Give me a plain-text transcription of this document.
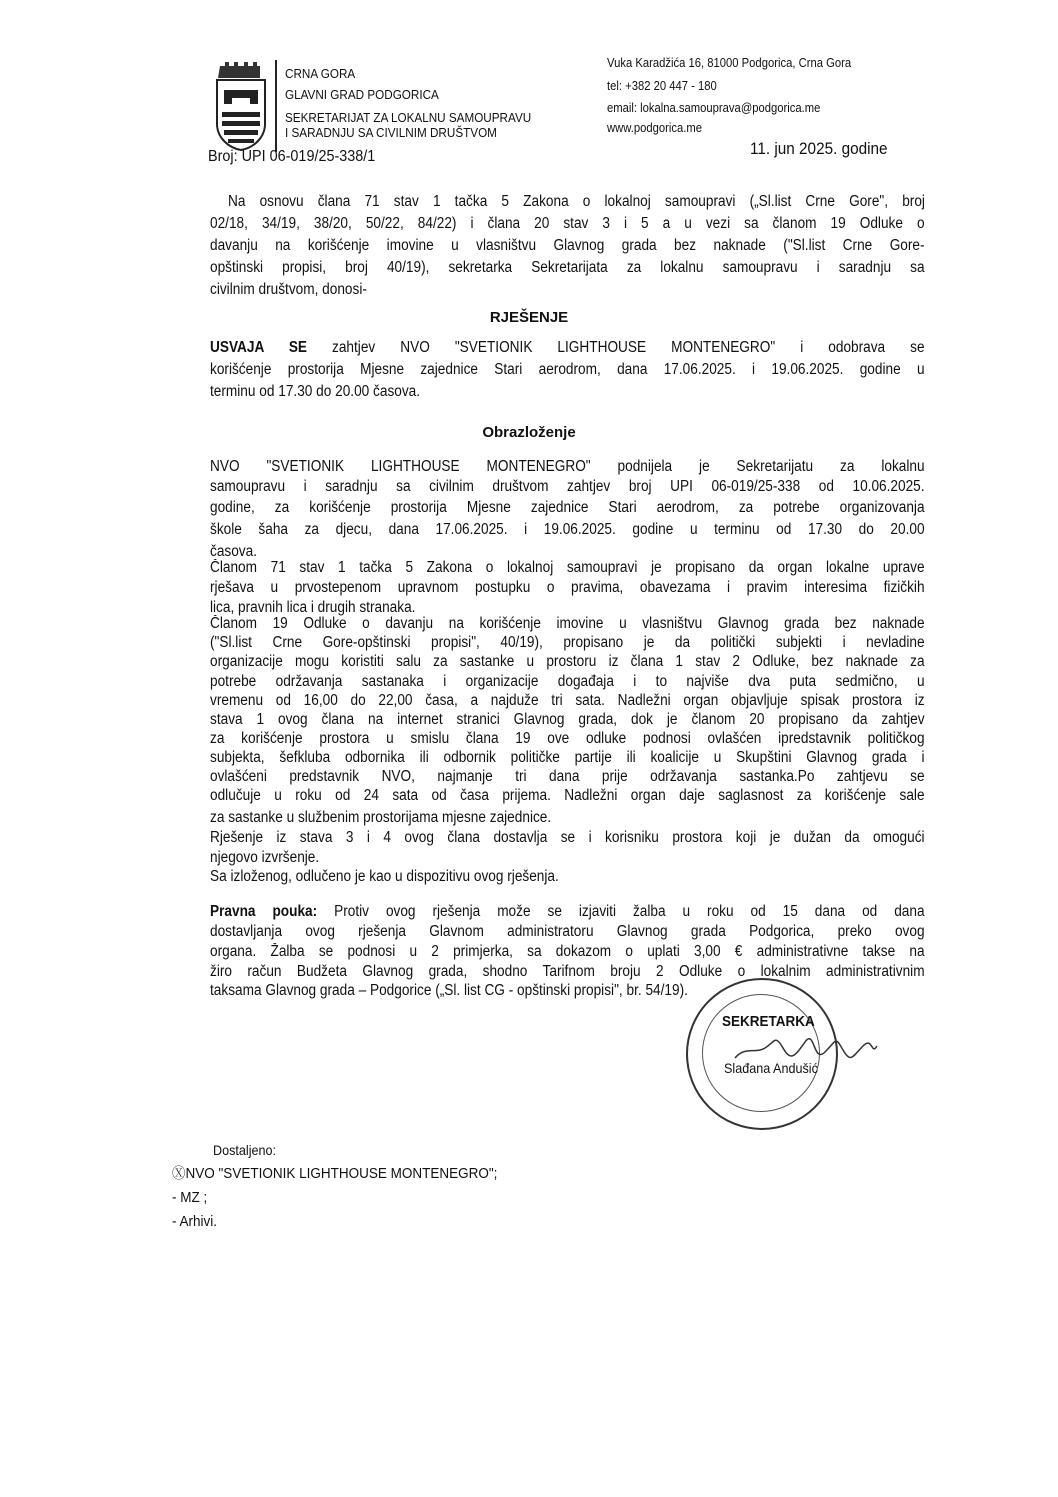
CRNA GORA
GLAVNI GRAD PODGORICA
SEKRETARIJAT ZA LOKALNU SAMOUPRAVU
I SARADNJU SA CIVILNIM DRUŠTVOM
Broj: UPI 06-019/25-338/1
Vuka Karadžića 16, 81000 Podgorica, Crna Gora
tel: +382 20 447 - 180
email: lokalna.samouprava@podgorica.me
www.podgorica.me
11. jun 2025. godine
Na osnovu člana 71 stav 1 tačka 5 Zakona o lokalnoj samoupravi („Sl.list Crne Gore", broj
02/18, 34/19, 38/20, 50/22, 84/22) i člana 20 stav 3 i 5 a u vezi sa članom 19 Odluke o
davanju na korišćenje imovine u vlasništvu Glavnog grada bez naknade ("Sl.list Crne Gore-
opštinski propisi, broj 40/19), sekretarka Sekretarijata za lokalnu samoupravu i saradnju sa
civilnim društvom, donosi-
RJEŠENJE
USVAJA SE zahtjev NVO "SVETIONIK LIGHTHOUSE MONTENEGRO" i odobrava se
korišćenje prostorija Mjesne zajednice Stari aerodrom, dana 17.06.2025. i 19.06.2025. godine u
terminu od 17.30 do 20.00 časova.
Obrazloženje
NVO "SVETIONIK LIGHTHOUSE MONTENEGRO" podnijela je Sekretarijatu za lokalnu
samoupravu i saradnju sa civilnim društvom zahtjev broj UPI 06-019/25-338 od 10.06.2025.
godine, za korišćenje prostorija Mjesne zajednice Stari aerodrom, za potrebe organizovanja
škole šaha za djecu, dana 17.06.2025. i 19.06.2025. godine u terminu od 17.30 do 20.00
časova.
Članom 71 stav 1 tačka 5 Zakona o lokalnoj samoupravi je propisano da organ lokalne uprave
rješava u prvostepenom upravnom postupku o pravima, obavezama i pravim interesima fizičkih
lica, pravnih lica i drugih stranaka.
Članom 19 Odluke o davanju na korišćenje imovine u vlasništvu Glavnog grada bez naknade
("Sl.list Crne Gore-opštinski propisi", 40/19), propisano je da politički subjekti i nevladine
organizacije mogu koristiti salu za sastanke u prostoru iz člana 1 stav 2 Odluke, bez naknade za
potrebe održavanja sastanaka i organizacije događaja i to najviše dva puta sedmično, u
vremenu od 16,00 do 22,00 časa, a najduže tri sata. Nadležni organ objavljuje spisak prostora iz
stava 1 ovog člana na internet stranici Glavnog grada, dok je članom 20 propisano da zahtjev
za korišćenje prostora u smislu člana 19 ove odluke podnosi ovlašćen ipredstavnik političkog
subjekta, šefkluba odbornika ili odbornik političke partije ili koalicije u Skupštini Glavnog grada i
ovlašćeni predstavnik NVO, najmanje tri dana prije održavanja sastanka.Po zahtjevu se
odlučuje u roku od 24 sata od časa prijema. Nadležni organ daje saglasnost za korišćenje sale
za sastanke u službenim prostorijama mjesne zajednice.
Rješenje iz stava 3 i 4 ovog člana dostavlja se i korisniku prostora koji je dužan da omogući
njegovo izvršenje.
Sa izloženog, odlučeno je kao u dispozitivu ovog rješenja.
Pravna pouka: Protiv ovog rješenja može se izjaviti žalba u roku od 15 dana od dana
dostavljanja ovog rješenja Glavnom administratoru Glavnog grada Podgorica, preko ovog
organa. Žalba se podnosi u 2 primjerka, sa dokazom o uplati 3,00 € administrativne takse na
žiro račun Budžeta Glavnog grada, shodno Tarifnom broju 2 Odluke o lokalnim administrativnim
taksama Glavnog grada – Podgorice („Sl. list CG - opštinski propisi", br. 54/19).
SEKRETARKA
Slađana Andušić
Dostaljeno:
ⓍNVO "SVETIONIK LIGHTHOUSE MONTENEGRO";
- MZ ;
- Arhivi.
